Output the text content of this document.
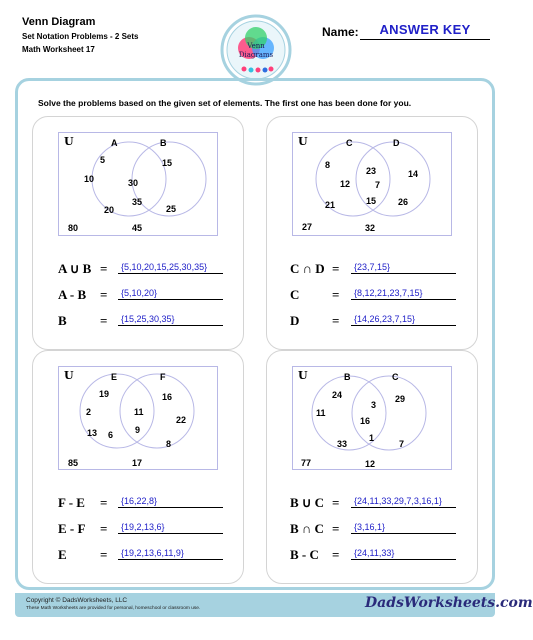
Venn Diagram
Set Notation Problems - 2 Sets
Math Worksheet 17	Venn
Diagrams
Name:	ANSWER KEY
Solve the problems based on the given set of elements. The first one has been done for you.
U	A	B
5
10
20
30
35
15
25
80	45
A ∪ B =	{5,10,20,15,25,30,35}
A - B =	{5,10,20}
B	=	{15,25,30,35}
U	C	D
8
12
21
23
7
15
14
26
27	32
C ∩ D =	{23,7,15}
C	=	{8,12,21,23,7,15}
D	=	{14,26,23,7,15}
U	E	F
19
2
13
11
6 9
16
22
8
85	17
F - E =	{16,22,8}
E - F =	{19,2,13,6}
E	=	{19,2,13,6,11,9}
U	B	C
24
11
33
3
16
1
29
7
77	12
B ∪ C =	{24,11,33,29,7,3,16,1}
B ∩ C =	{3,16,1}
B - C =	{24,11,33}
Copyright © DadsWorksheets, LLC
These Math Worksheets are provided for personal, homeschool or classroom use.	DadsWorksheets.com
